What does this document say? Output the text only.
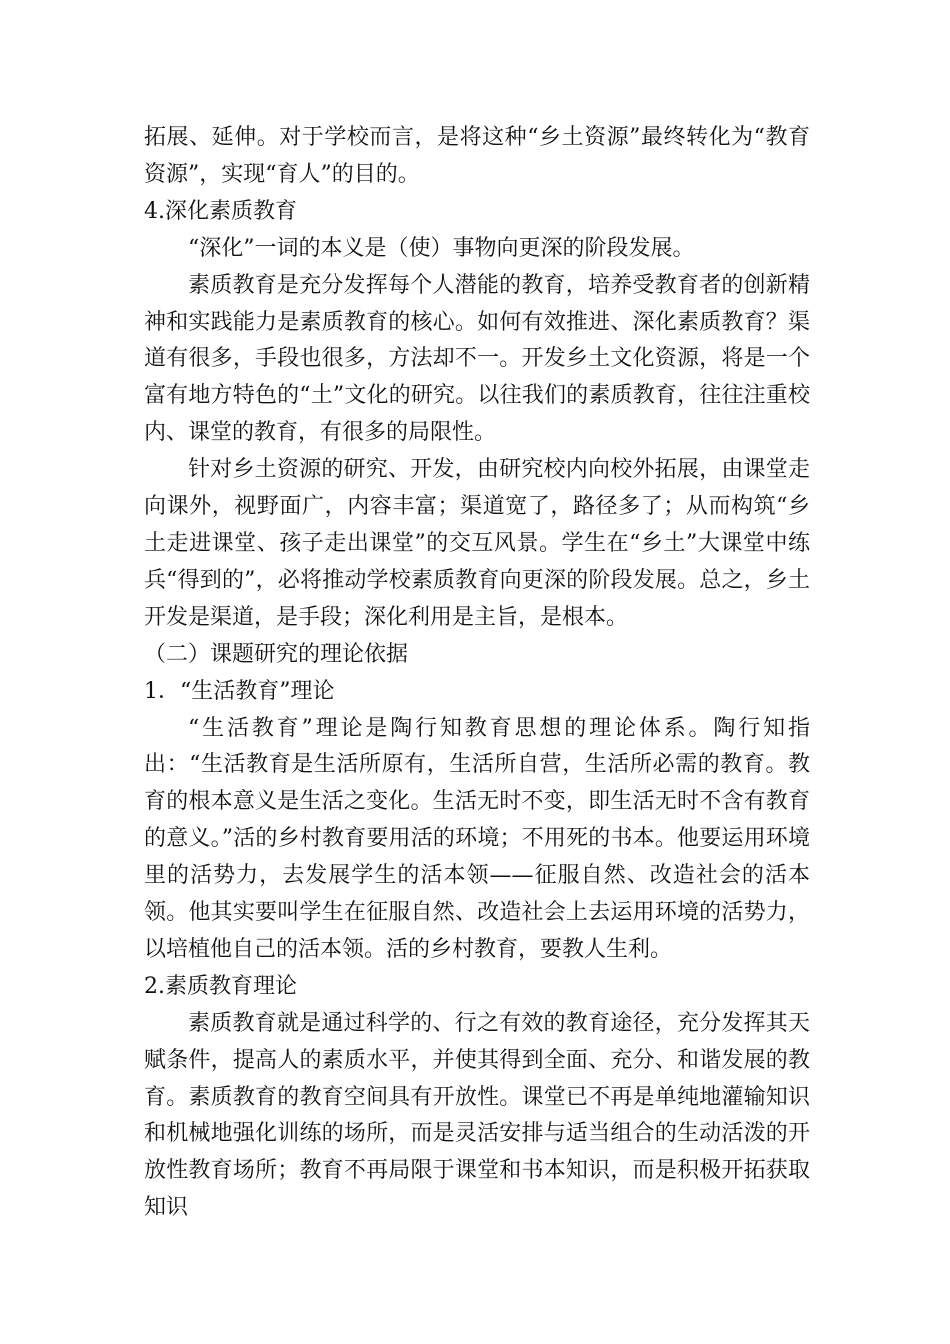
拓展、延伸。对于学校而言，是将这种“乡土资源”最终转化为“教育资源”，实现“育人”的目的。

4.深化素质教育

“深化”一词的本义是（使）事物向更深的阶段发展。

素质教育是充分发挥每个人潜能的教育，培养受教育者的创新精神和实践能力是素质教育的核心。如何有效推进、深化素质教育？渠道有很多，手段也很多，方法却不一。开发乡土文化资源，将是一个富有地方特色的“土”文化的研究。以往我们的素质教育，往往注重校内、课堂的教育，有很多的局限性。

针对乡土资源的研究、开发，由研究校内向校外拓展，由课堂走向课外，视野面广，内容丰富；渠道宽了，路径多了；从而构筑“乡土走进课堂、孩子走出课堂”的交互风景。学生在“乡土”大课堂中练兵“得到的”，必将推动学校素质教育向更深的阶段发展。总之，乡土开发是渠道，是手段；深化利用是主旨，是根本。

（二）课题研究的理论依据

1．“生活教育”理论

“生活教育”理论是陶行知教育思想的理论体系。陶行知指出：“生活教育是生活所原有，生活所自营，生活所必需的教育。教育的根本意义是生活之变化。生活无时不变，即生活无时不含有教育的意义。”活的乡村教育要用活的环境；不用死的书本。他要运用环境里的活势力，去发展学生的活本领——征服自然、改造社会的活本领。他其实要叫学生在征服自然、改造社会上去运用环境的活势力，以培植他自己的活本领。活的乡村教育，要教人生利。

2.素质教育理论

素质教育就是通过科学的、行之有效的教育途径，充分发挥其天赋条件，提高人的素质水平，并使其得到全面、充分、和谐发展的教育。素质教育的教育空间具有开放性。课堂已不再是单纯地灌输知识和机械地强化训练的场所，而是灵活安排与适当组合的生动活泼的开放性教育场所；教育不再局限于课堂和书本知识，而是积极开拓获取知识
